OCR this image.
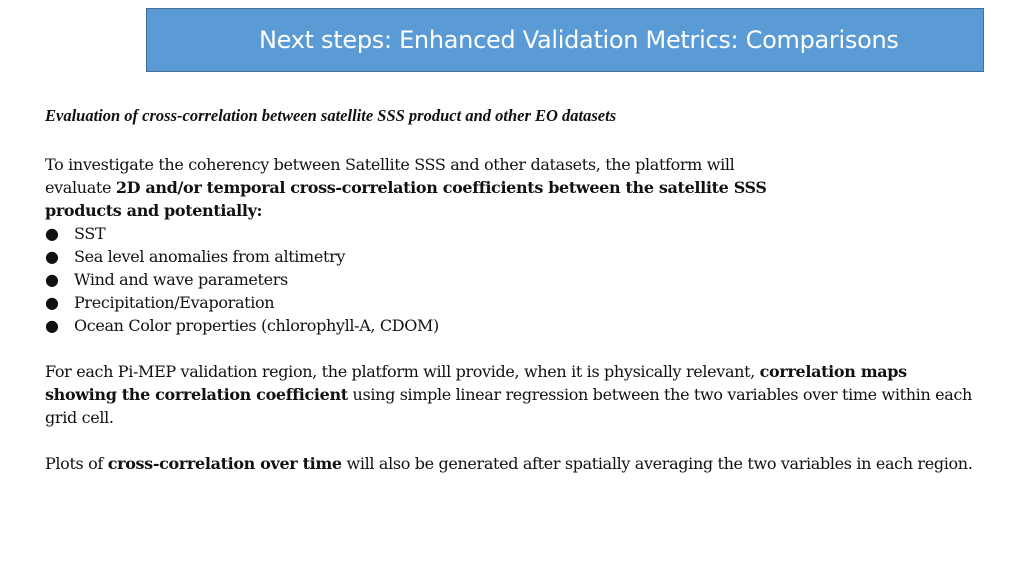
Next steps: Enhanced Validation Metrics: Comparisons
Evaluation of cross-correlation between satellite SSS product and other EO datasets

To investigate the coherency between Satellite SSS and other datasets, the platform will evaluate 2D and/or temporal cross-correlation coefficients between the satellite SSS products and potentially:

● SST
● Sea level anomalies from altimetry
● Wind and wave parameters
● Precipitation/Evaporation
● Ocean Color properties (chlorophyll-A, CDOM)

For each Pi-MEP validation region, the platform will provide, when it is physically relevant, correlation maps showing the correlation coefficient using simple linear regression between the two variables over time within each grid cell.

Plots of cross-correlation over time will also be generated after spatially averaging the two variables in each region.
